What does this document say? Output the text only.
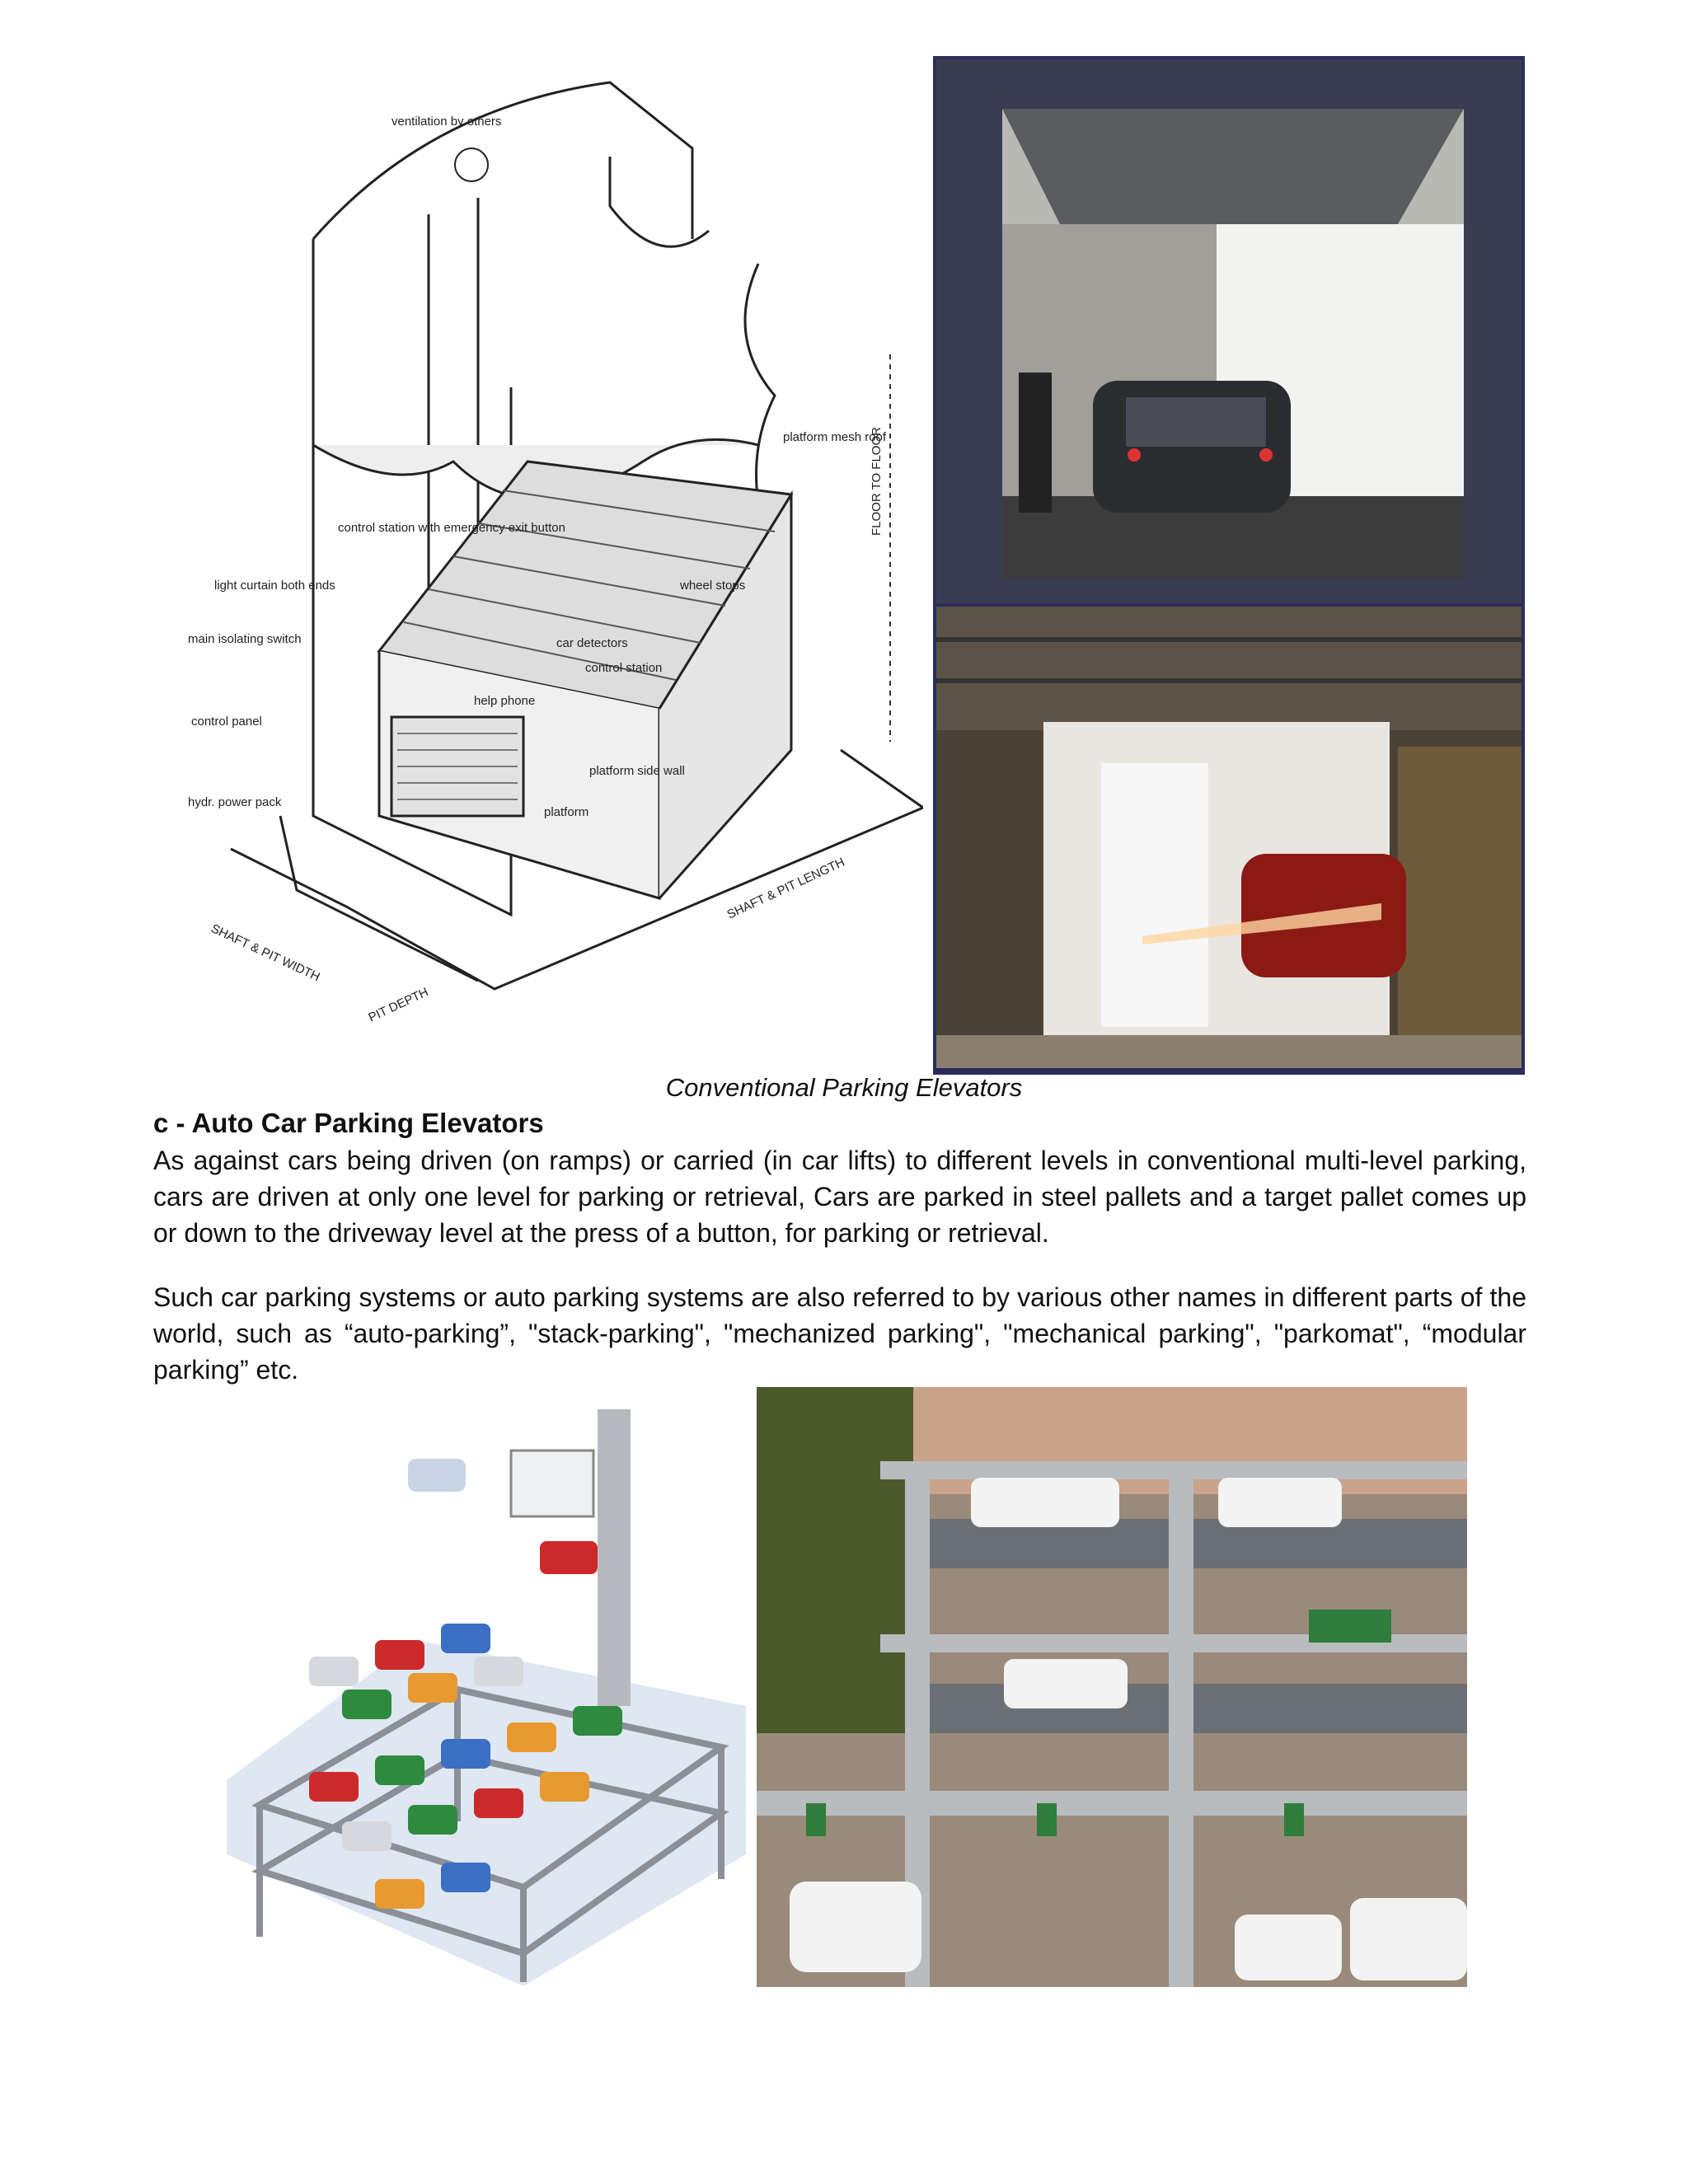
ventilation by others
platform mesh roof
FLOOR TO FLOOR
control station with emergency exit button
light curtain both ends	wheel stops
main isolating switch	car detectors
control station
help phone
control panel
platform side wall
hydr. power pack
platform
SHAFT & PIT LENGTH
SHAFT & PIT WIDTH
PIT DEPTH
Conventional Parking Elevators
c - Auto Car Parking Elevators
As against cars being driven (on ramps) or carried (in car lifts) to different levels in conventional multi-level parking, cars are driven at only one level for parking or retrieval, Cars are parked in steel pallets and a target pallet comes up or down to the driveway level at the press of a button, for parking or retrieval.
Such car parking systems or auto parking systems are also referred to by various other names in different parts of the world, such as “auto-parking”, "stack-parking", "mechanized parking", "mechanical parking", "parkomat", “modular parking” etc.
